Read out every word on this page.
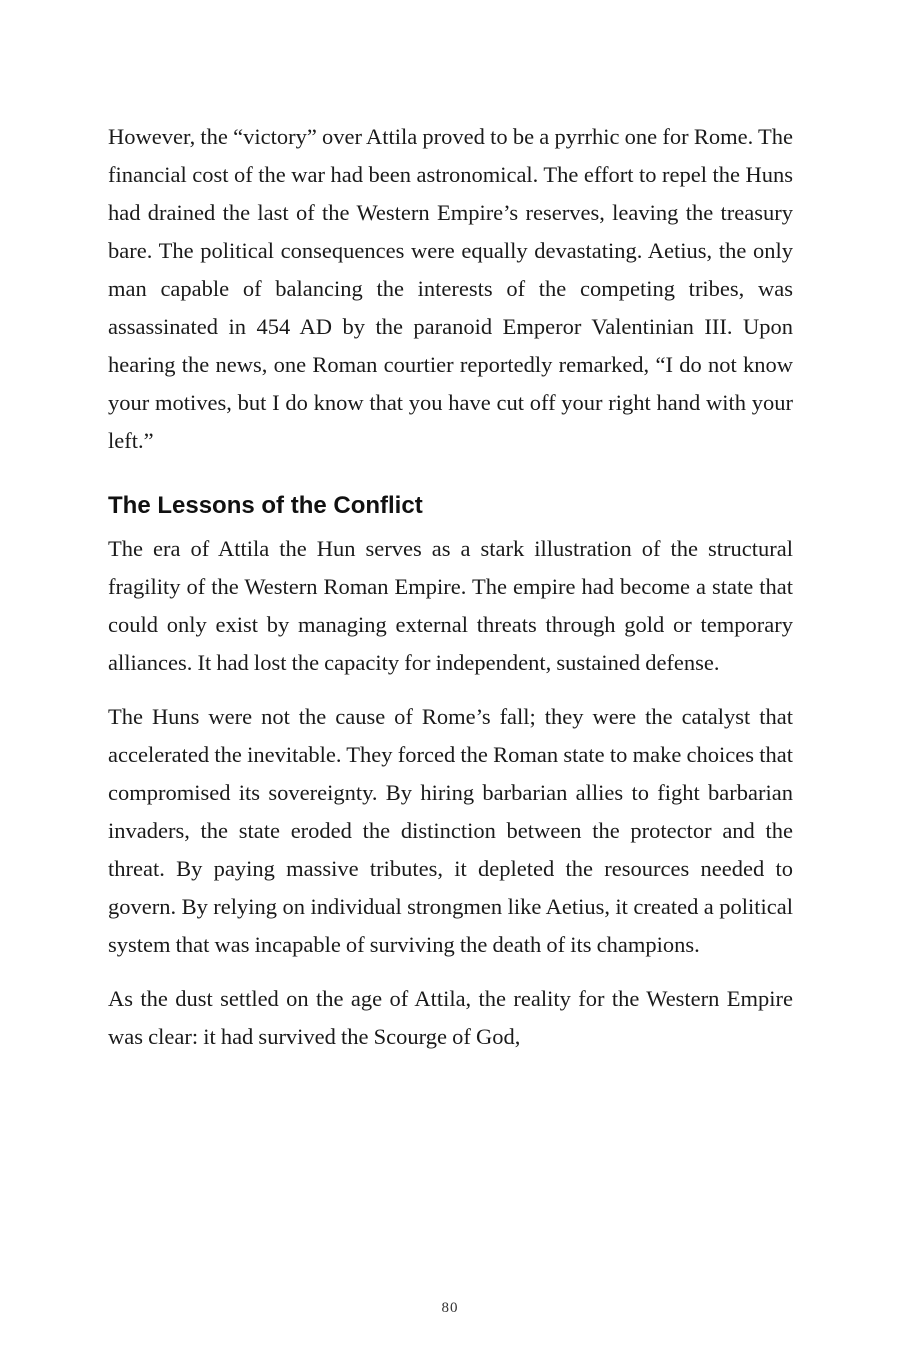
However, the “victory” over Attila proved to be a pyrrhic one for Rome. The financial cost of the war had been astronomical. The effort to repel the Huns had drained the last of the Western Empire’s reserves, leaving the treasury bare. The political consequences were equally devastating. Aetius, the only man capable of balancing the interests of the competing tribes, was assassinated in 454 AD by the paranoid Emperor Valentinian III. Upon hearing the news, one Roman courtier reportedly remarked, “I do not know your motives, but I do know that you have cut off your right hand with your left.”

The Lessons of the Conflict

The era of Attila the Hun serves as a stark illustration of the structural fragility of the Western Roman Empire. The empire had become a state that could only exist by managing external threats through gold or temporary alliances. It had lost the capacity for independent, sustained defense.

The Huns were not the cause of Rome’s fall; they were the catalyst that accelerated the inevitable. They forced the Roman state to make choices that compromised its sovereignty. By hiring barbarian allies to fight barbarian invaders, the state eroded the distinction between the protector and the threat. By paying massive tributes, it depleted the resources needed to govern. By relying on individual strongmen like Aetius, it created a political system that was incapable of surviving the death of its champions.

As the dust settled on the age of Attila, the reality for the Western Empire was clear: it had survived the Scourge of God,

80
